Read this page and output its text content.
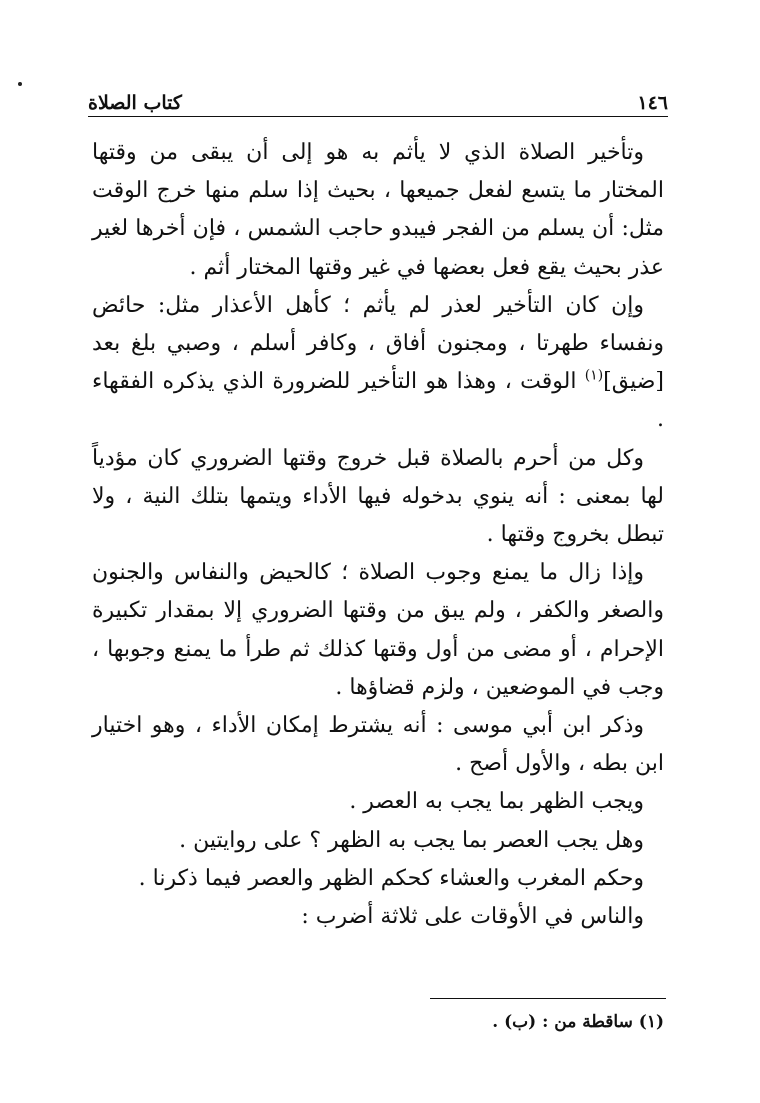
١٤٦
كتاب الصلاة

وتأخير الصلاة الذي لا يأثم به هو إلى أن يبقى من وقتها المختار ما يتسع لفعل جميعها ، بحيث إذا سلم منها خرج الوقت مثل: أن يسلم من الفجر فيبدو حاجب الشمس ، فإن أخرها لغير عذر بحيث يقع فعل بعضها في غير وقتها المختار أثم .

وإن كان التأخير لعذر لم يأثم ؛ كأهل الأعذار مثل: حائض ونفساء طهرتا ، ومجنون أفاق ، وكافر أسلم ، وصبي بلغ بعد [ضيق]$^{(١)}$ الوقت ، وهذا هو التأخير للضرورة الذي يذكره الفقهاء .

وكل من أحرم بالصلاة قبل خروج وقتها الضروري كان مؤدياً لها بمعنى : أنه ينوي بدخوله فيها الأداء ويتمها بتلك النية ، ولا تبطل بخروج وقتها .

وإذا زال ما يمنع وجوب الصلاة ؛ كالحيض والنفاس والجنون والصغر والكفر ، ولم يبق من وقتها الضروري إلا بمقدار تكبيرة الإحرام ، أو مضى من أول وقتها كذلك ثم طرأ ما يمنع وجوبها ، وجب في الموضعين ، ولزم قضاؤها .

وذكر ابن أبي موسى : أنه يشترط إمكان الأداء ، وهو اختيار ابن بطه ، والأول أصح .

ويجب الظهر بما يجب به العصر .

وهل يجب العصر بما يجب به الظهر ؟ على روايتين .

وحكم المغرب والعشاء كحكم الظهر والعصر فيما ذكرنا .

والناس في الأوقات على ثلاثة أضرب :

(١) ساقطة من : (ب) .
